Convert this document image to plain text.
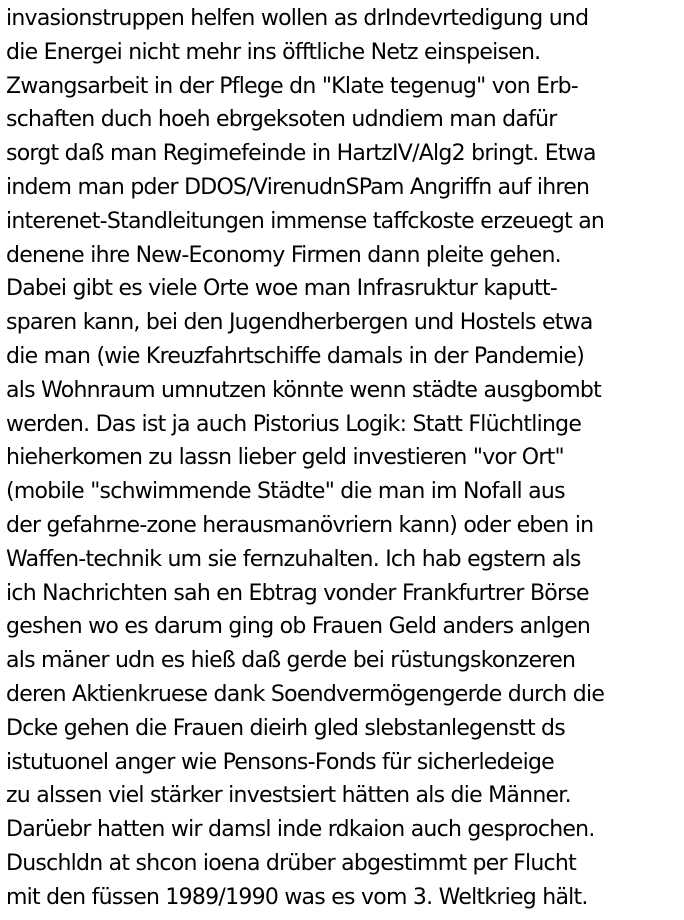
invasionstruppen helfen wollen as drIndevrtedigung und
die Energei nicht mehr ins öfftliche Netz einspeisen.
Zwangsarbeit in der Pflege dn "Klate tegenug" von Erb-
schaften duch hoeh ebrgeksoten udndiem man dafür
sorgt daß man Regimefeinde in HartzIV/Alg2 bringt. Etwa
indem man pder DDOS/VirenudnSPam Angriffn auf ihren
interenet-Standleitungen immense taffckoste erzeuegt an
denene ihre New-Economy Firmen dann pleite gehen.
Dabei gibt es viele Orte woe man Infrasruktur kaputt-
sparen kann, bei den Jugendherbergen und Hostels etwa
die man (wie Kreuzfahrtschiffe damals in der Pandemie)
als Wohnraum umnutzen könnte wenn städte ausgbombt
werden. Das ist ja auch Pistorius Logik: Statt Flüchtlinge
hieherkomen zu lassn lieber geld investieren "vor Ort"
(mobile "schwimmende Städte" die man im Nofall aus
der gefahrne-zone herausmanövriern kann) oder eben in
Waffen-technik um sie fernzuhalten. Ich hab egstern als
ich Nachrichten sah en Ebtrag vonder Frankfurtrer Börse
geshen wo es darum ging ob Frauen Geld anders anlgen
als mäner udn es hieß daß gerde bei rüstungskonzeren
deren Aktienkruese dank Soendvermögengerde durch die
Dcke gehen die Frauen dieirh gled slebstanlegenstt ds
istutuonel anger wie Pensons-Fonds für sicherledeige
zu alssen viel stärker investsiert hätten als die Männer.
Darüebr hatten wir damsl inde rdkaion auch gesprochen.
Duschldn at shcon ioena drüber abgestimmt per Flucht
mit den füssen 1989/1990 was es vom 3. Weltkrieg hält.
